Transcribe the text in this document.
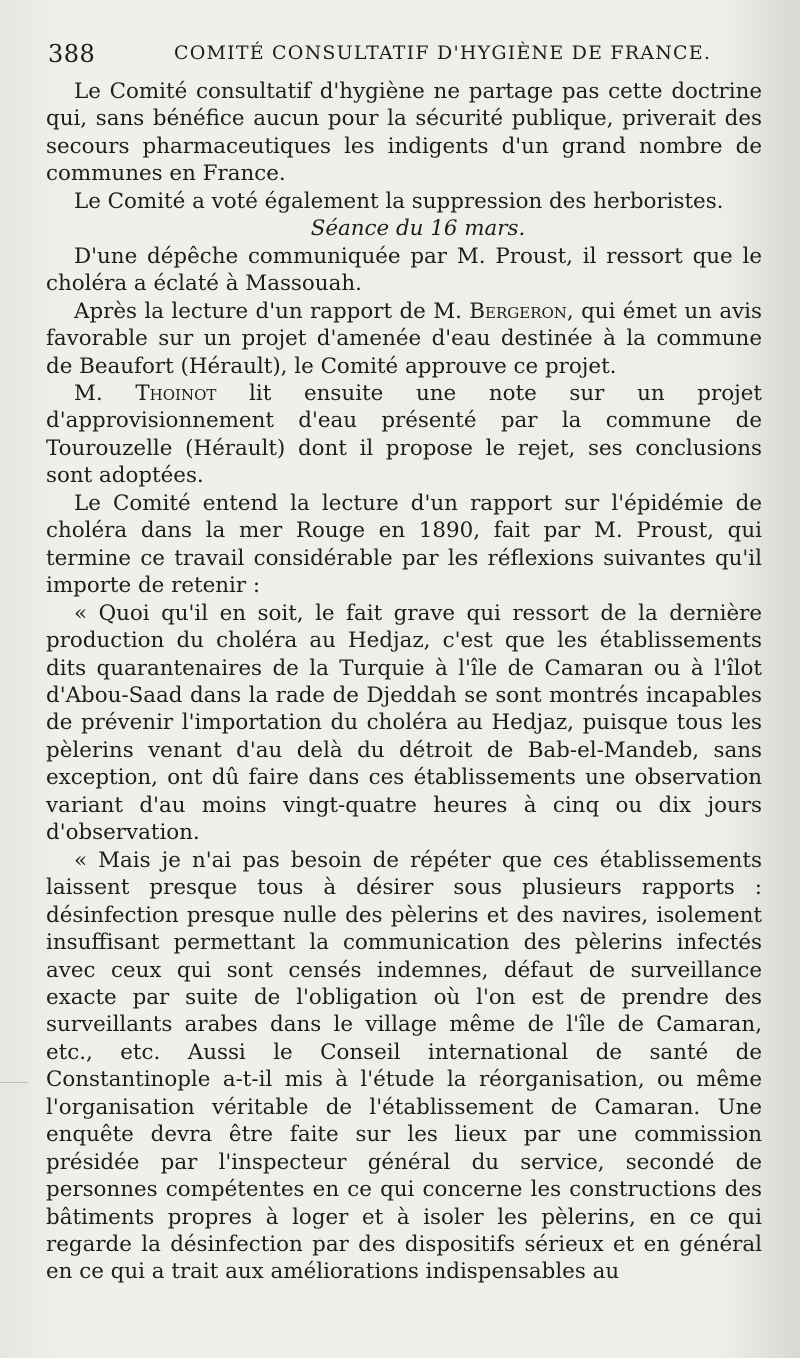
388	COMITÉ CONSULTATIF D'HYGIÈNE DE FRANCE.

Le Comité consultatif d'hygiène ne partage pas cette doctrine qui, sans bénéfice aucun pour la sécurité publique, priverait des secours pharmaceutiques les indigents d'un grand nombre de communes en France.

Le Comité a voté également la suppression des herboristes.

Séance du 16 mars.

D'une dépêche communiquée par M. Proust, il ressort que le choléra a éclaté à Massouah.

Après la lecture d'un rapport de M. Bergeron, qui émet un avis favorable sur un projet d'amenée d'eau destinée à la commune de Beaufort (Hérault), le Comité approuve ce projet.

M. Thoinot lit ensuite une note sur un projet d'approvisionnement d'eau présenté par la commune de Tourouzelle (Hérault) dont il propose le rejet, ses conclusions sont adoptées.

Le Comité entend la lecture d'un rapport sur l'épidémie de choléra dans la mer Rouge en 1890, fait par M. Proust, qui termine ce travail considérable par les réflexions suivantes qu'il importe de retenir :

« Quoi qu'il en soit, le fait grave qui ressort de la dernière production du choléra au Hedjaz, c'est que les établissements dits quarantenaires de la Turquie à l'île de Camaran ou à l'îlot d'Abou-Saad dans la rade de Djeddah se sont montrés incapables de prévenir l'importation du choléra au Hedjaz, puisque tous les pèlerins venant d'au delà du détroit de Bab-el-Mandeb, sans exception, ont dû faire dans ces établissements une observation variant d'au moins vingt-quatre heures à cinq ou dix jours d'observation.

« Mais je n'ai pas besoin de répéter que ces établissements laissent presque tous à désirer sous plusieurs rapports : désinfection presque nulle des pèlerins et des navires, isolement insuffisant permettant la communication des pèlerins infectés avec ceux qui sont censés indemnes, défaut de surveillance exacte par suite de l'obligation où l'on est de prendre des surveillants arabes dans le village même de l'île de Camaran, etc., etc. Aussi le Conseil international de santé de Constantinople a-t-il mis à l'étude la réorganisation, ou même l'organisation véritable de l'établissement de Camaran. Une enquête devra être faite sur les lieux par une commission présidée par l'inspecteur général du service, secondé de personnes compétentes en ce qui concerne les constructions des bâtiments propres à loger et à isoler les pèlerins, en ce qui regarde la désinfection par des dispositifs sérieux et en général en ce qui a trait aux améliorations indispensables au
